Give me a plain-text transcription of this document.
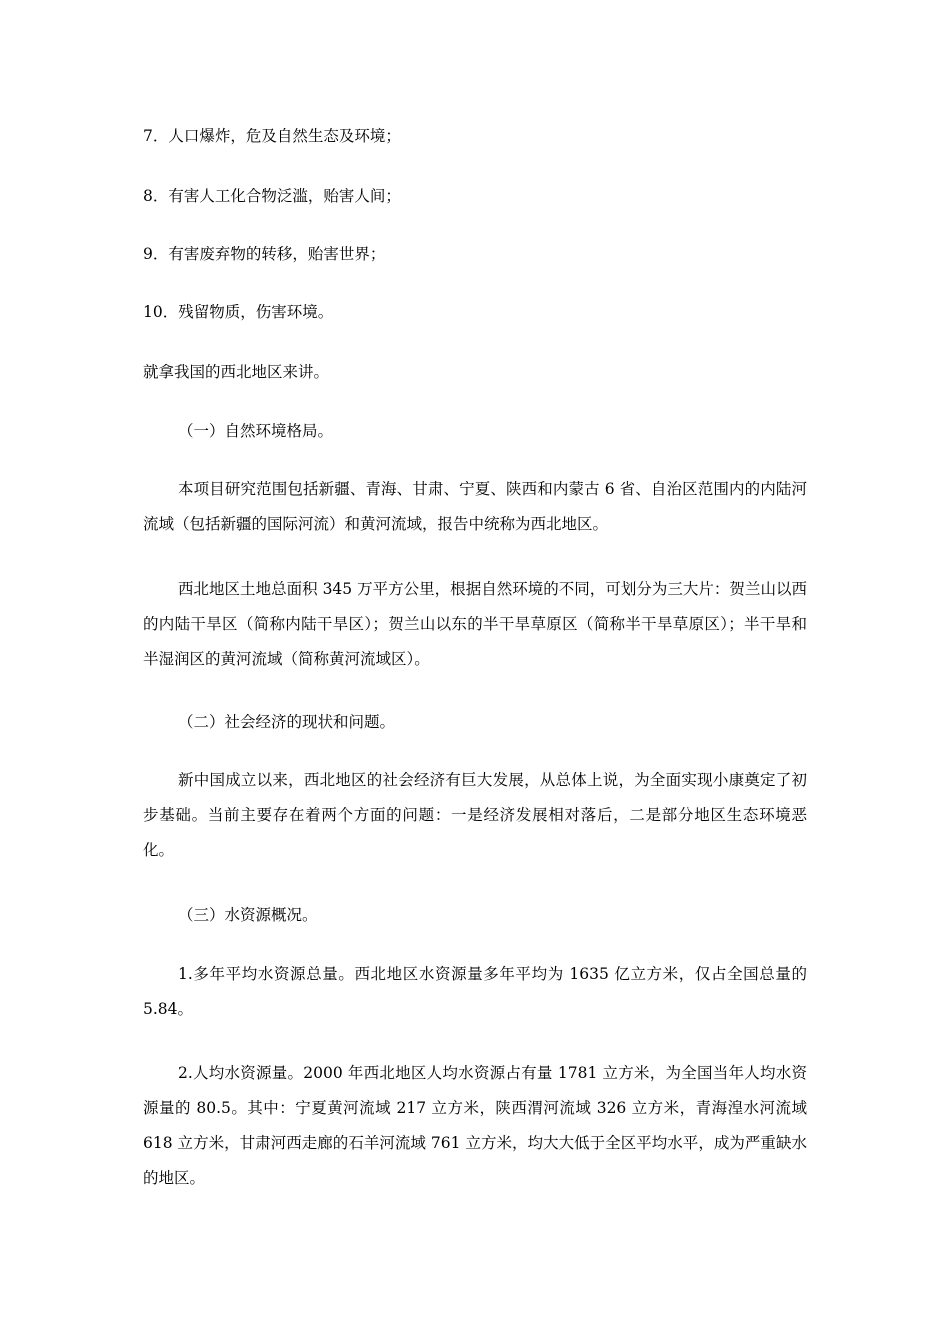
7．人口爆炸，危及自然生态及环境；

8．有害人工化合物泛滥，贻害人间；

9．有害废弃物的转移，贻害世界；

10．残留物质，伤害环境。

就拿我国的西北地区来讲。

（一）自然环境格局。

本项目研究范围包括新疆、青海、甘肃、宁夏、陕西和内蒙古 6 省、自治区范围内的内陆河流域（包括新疆的国际河流）和黄河流域，报告中统称为西北地区。

西北地区土地总面积 345 万平方公里，根据自然环境的不同，可划分为三大片：贺兰山以西的内陆干旱区（简称内陆干旱区）；贺兰山以东的半干旱草原区（简称半干旱草原区）；半干旱和半湿润区的黄河流域（简称黄河流域区）。

（二）社会经济的现状和问题。

新中国成立以来，西北地区的社会经济有巨大发展，从总体上说，为全面实现小康奠定了初步基础。当前主要存在着两个方面的问题：一是经济发展相对落后，二是部分地区生态环境恶化。

（三）水资源概况。

1.多年平均水资源总量。西北地区水资源量多年平均为 1635 亿立方米，仅占全国总量的 5.84。

2.人均水资源量。2000 年西北地区人均水资源占有量 1781 立方米，为全国当年人均水资源量的 80.5。其中：宁夏黄河流域 217 立方米，陕西渭河流域 326 立方米，青海湟水河流域 618 立方米，甘肃河西走廊的石羊河流域 761 立方米，均大大低于全区平均水平，成为严重缺水的地区。
